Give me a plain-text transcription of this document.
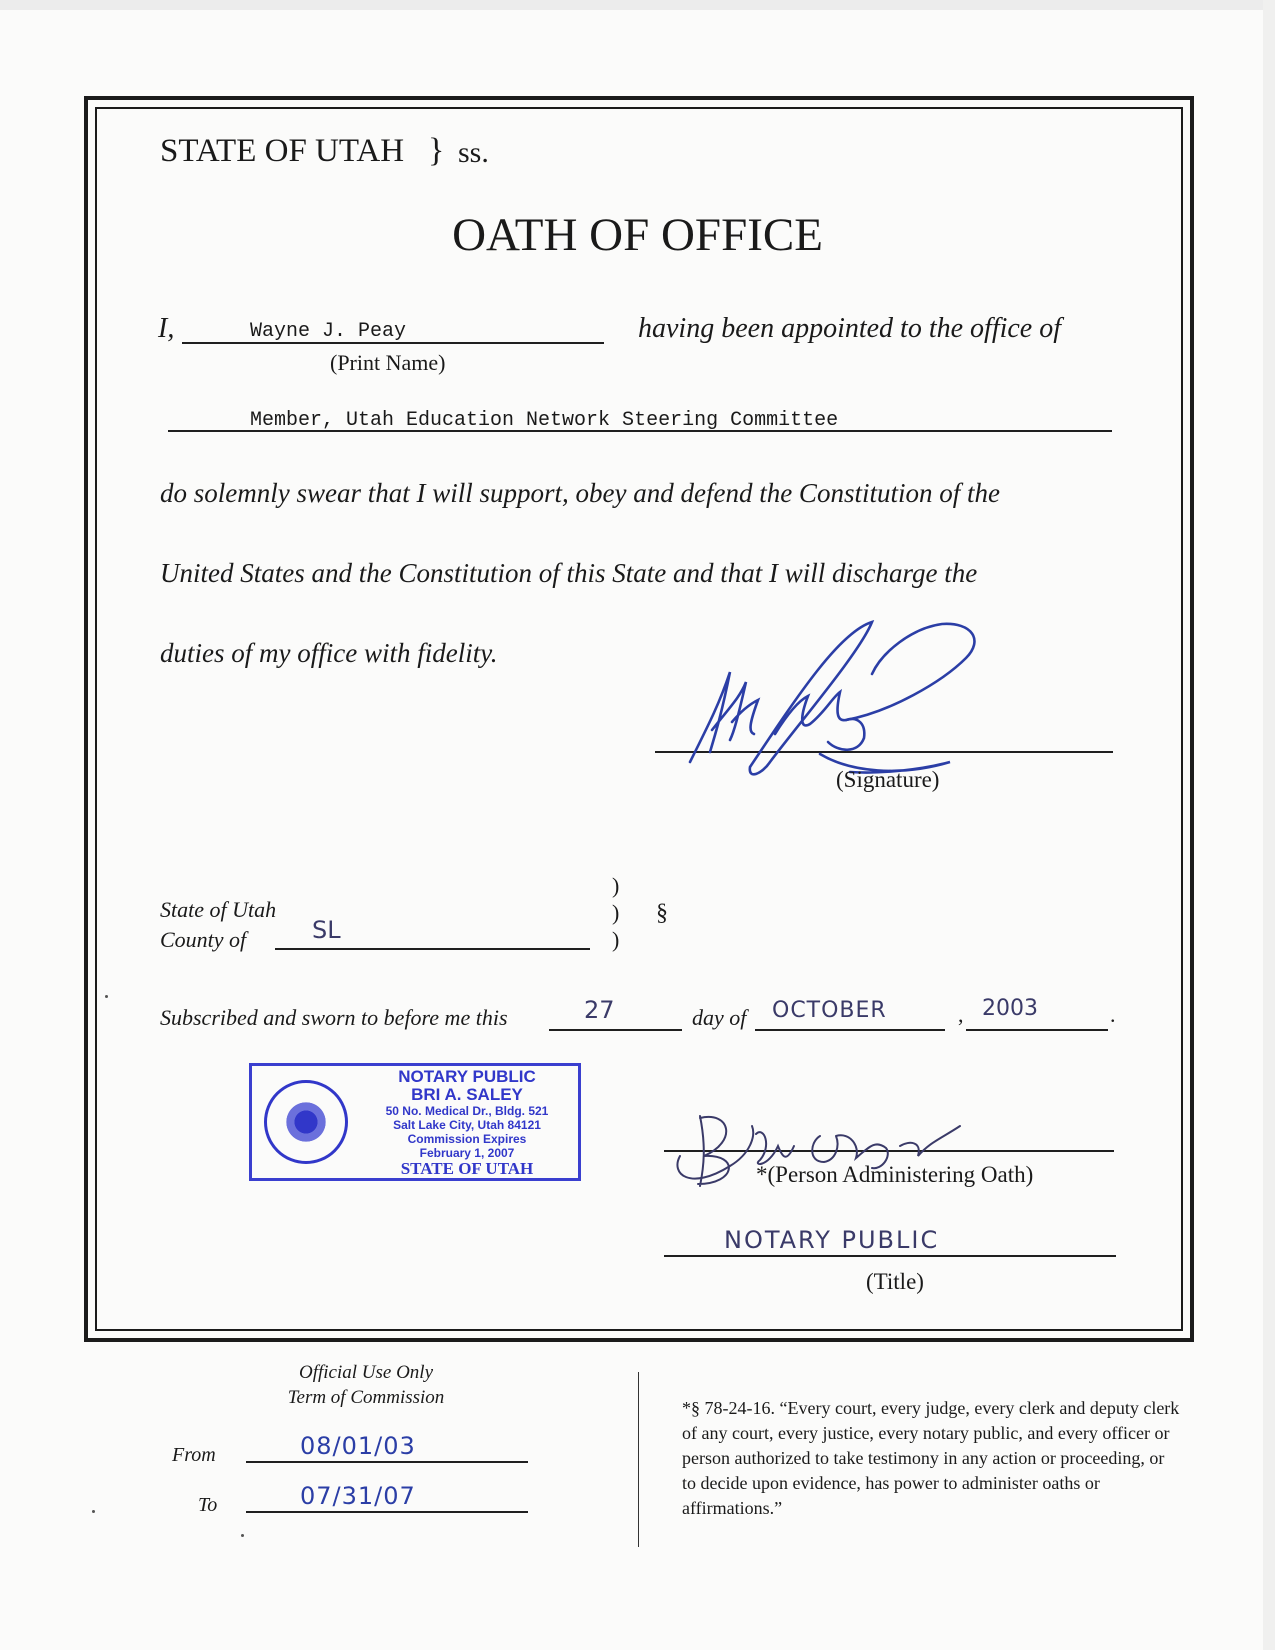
STATE OF UTAH } ss.
OATH OF OFFICE
I,	Wayne J. Peay	having been appointed to the office of
(Print Name)
Member, Utah Education Network Steering Committee
do solemnly swear that I will support, obey and defend the Constitution of the
United States and the Constitution of this State and that I will discharge the
duties of my office with fidelity.
(Signature)
State of Utah
County of	SL
)
)
)
§
Subscribed and sworn to before me this	27	day of OCTOBER	, 2003	.
NOTARY PUBLIC
BRI A. SALEY
50 No. Medical Dr., Bldg. 521
Salt Lake City, Utah 84121
Commission Expires
February 1, 2007
STATE OF UTAH	*(Person Administering Oath)
NOTARY PUBLIC
(Title)
Official Use Only
Term of Commission
From	08/01/03
To	07/31/07
*§ 78-24-16. “Every court, every judge, every clerk and deputy clerk of any court, every justice, every notary public, and every officer or person authorized to take testimony in any action or proceeding, or to decide upon evidence, has power to administer oaths or affirmations.”
